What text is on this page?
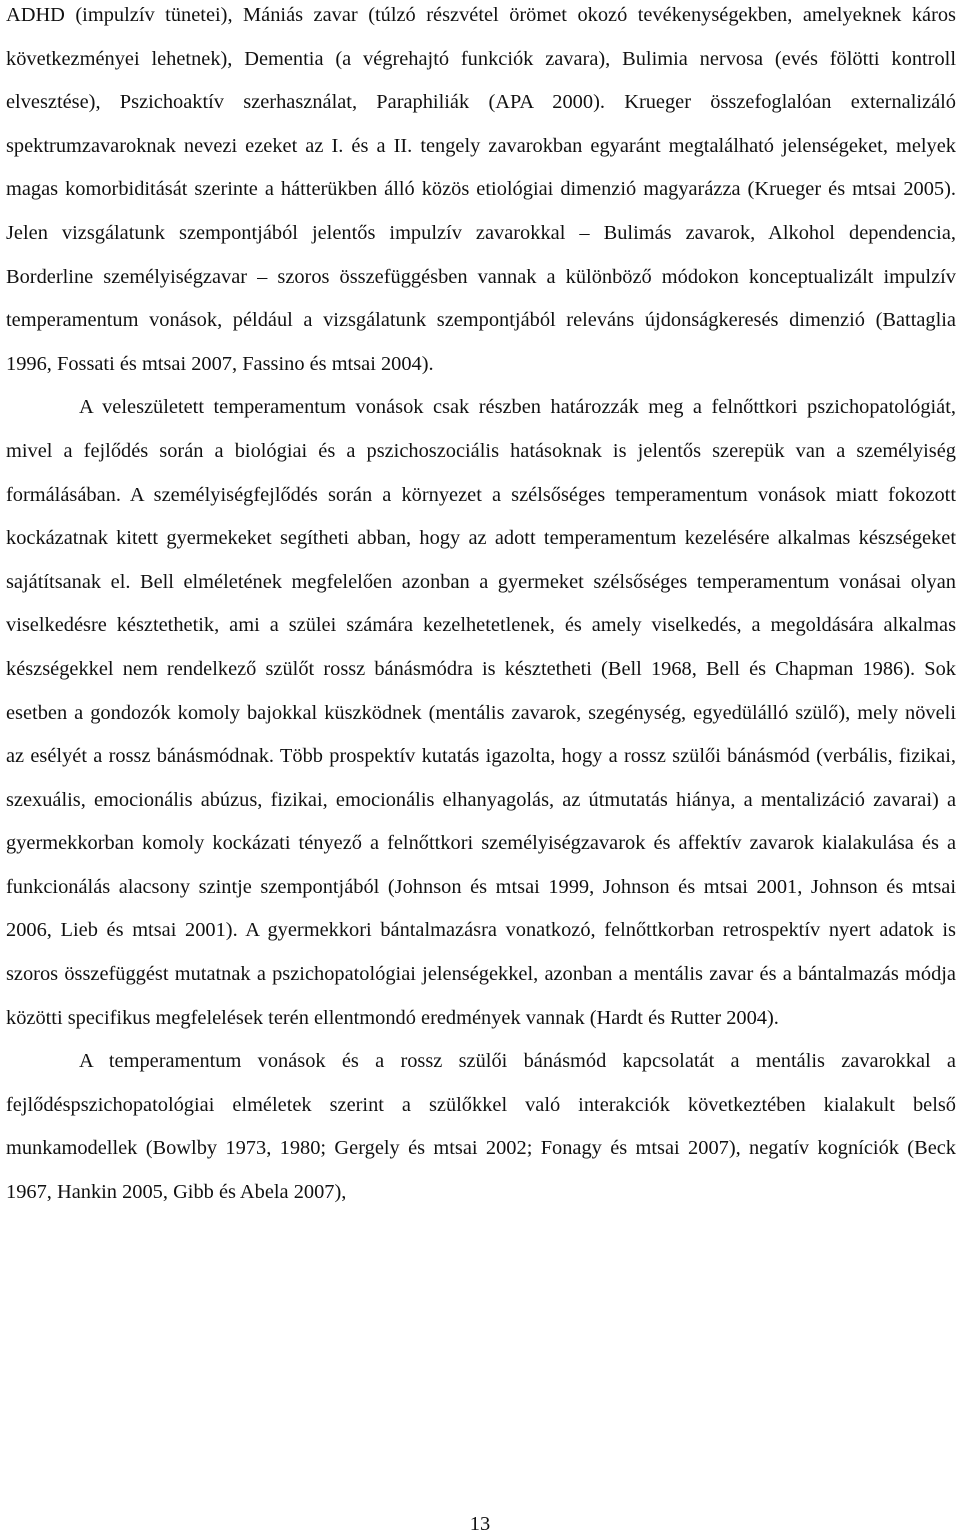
ADHD (impulzív tünetei), Mániás zavar (túlzó részvétel örömet okozó tevékenységekben, amelyeknek káros következményei lehetnek), Dementia (a végrehajtó funkciók zavara), Bulimia nervosa (evés fölötti kontroll elvesztése), Pszichoaktív szerhasználat, Paraphiliák (APA 2000). Krueger összefoglalóan externalizáló spektrumzavaroknak nevezi ezeket az I. és a II. tengely zavarokban egyaránt megtalálható jelenségeket, melyek magas komorbiditását szerinte a hátterükben álló közös etiológiai dimenzió magyarázza (Krueger és mtsai 2005). Jelen vizsgálatunk szempontjából jelentős impulzív zavarokkal – Bulimás zavarok, Alkohol dependencia, Borderline személyiségzavar – szoros összefüggésben vannak a különböző módokon konceptualizált impulzív temperamentum vonások, például a vizsgálatunk szempontjából releváns újdonságkeresés dimenzió (Battaglia 1996, Fossati és mtsai 2007, Fassino és mtsai 2004).

A veleszületett temperamentum vonások csak részben határozzák meg a felnőttkori pszichopatológiát, mivel a fejlődés során a biológiai és a pszichoszociális hatásoknak is jelentős szerepük van a személyiség formálásában. A személyiségfejlődés során a környezet a szélsőséges temperamentum vonások miatt fokozott kockázatnak kitett gyermekeket segítheti abban, hogy az adott temperamentum kezelésére alkalmas készségeket sajátítsanak el. Bell elméletének megfelelően azonban a gyermeket szélsőséges temperamentum vonásai olyan viselkedésre késztethetik, ami a szülei számára kezelhetetlenek, és amely viselkedés, a megoldására alkalmas készségekkel nem rendelkező szülőt rossz bánásmódra is késztetheti (Bell 1968, Bell és Chapman 1986). Sok esetben a gondozók komoly bajokkal küszködnek (mentális zavarok, szegénység, egyedülálló szülő), mely növeli az esélyét a rossz bánásmódnak. Több prospektív kutatás igazolta, hogy a rossz szülői bánásmód (verbális, fizikai, szexuális, emocionális abúzus, fizikai, emocionális elhanyagolás, az útmutatás hiánya, a mentalizáció zavarai) a gyermekkorban komoly kockázati tényező a felnőttkori személyiségzavarok és affektív zavarok kialakulása és a funkcionálás alacsony szintje szempontjából (Johnson és mtsai 1999, Johnson és mtsai 2001, Johnson és mtsai 2006, Lieb és mtsai 2001). A gyermekkori bántalmazásra vonatkozó, felnőttkorban retrospektív nyert adatok is szoros összefüggést mutatnak a pszichopatológiai jelenségekkel, azonban a mentális zavar és a bántalmazás módja közötti specifikus megfelelések terén ellentmondó eredmények vannak (Hardt és Rutter 2004).

A temperamentum vonások és a rossz szülői bánásmód kapcsolatát a mentális zavarokkal a fejlődéspszichopatológiai elméletek szerint a szülőkkel való interakciók következtében kialakult belső munkamodellek (Bowlby 1973, 1980; Gergely és mtsai 2002; Fonagy és mtsai 2007), negatív kogníciók (Beck 1967, Hankin 2005, Gibb és Abela 2007),

13
